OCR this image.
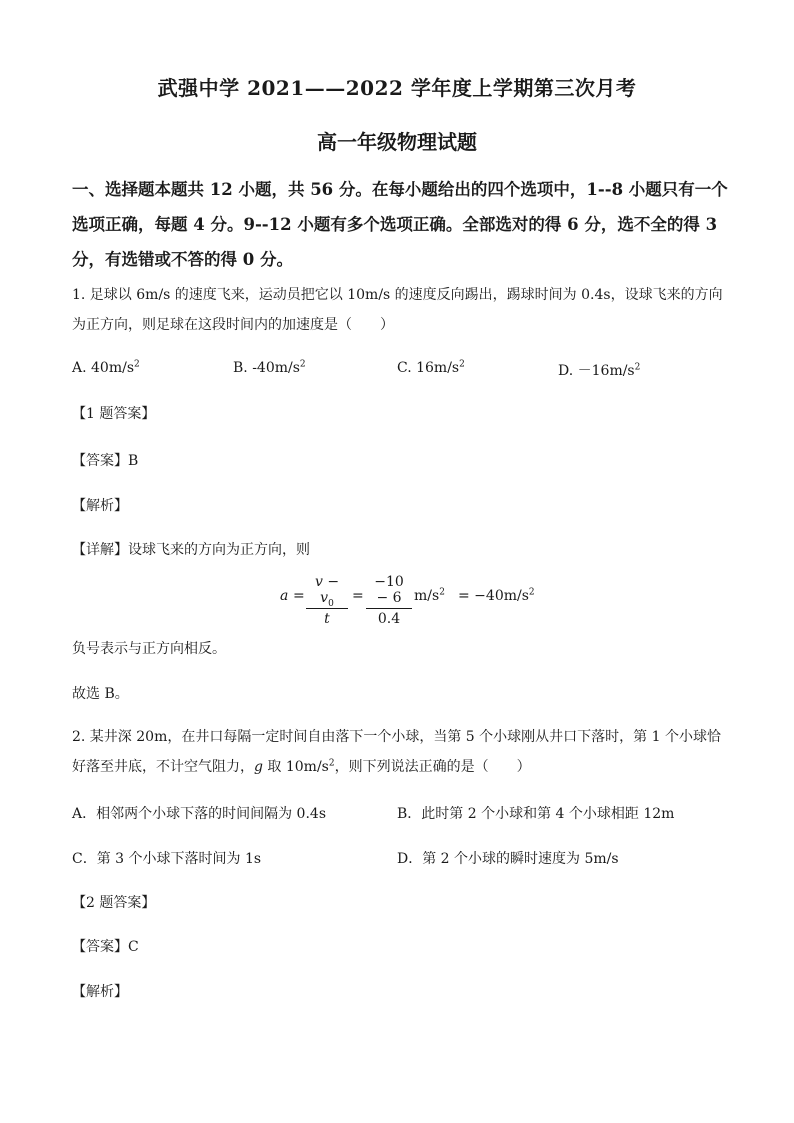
武强中学 2021——2022 学年度上学期第三次月考
高一年级物理试题
一、选择题本题共 12 小题，共 56 分。在每小题给出的四个选项中，1--8 小题只有一个选项正确，每题 4 分。9--12 小题有多个选项正确。全部选对的得 6 分，选不全的得 3 分，有选错或不答的得 0 分。
1. 足球以 6m/s 的速度飞来，运动员把它以 10m/s 的速度反向踢出，踢球时间为 0.4s，设球飞来的方向为正方向，则足球在这段时间内的加速度是（　　）
A. $40m/s^2$	B. $-40m/s^2$	C. $16m/s^2$	D. $-16m/s^2$
【1 题答案】
【答案】B
【解析】
【详解】设球飞来的方向为正方向，则
a =
$v - v_0$
t
=
−10 − 6
0.4
$m/s^2 = -40m/s^2$
负号表示与正方向相反。
故选 B。
2. 某井深 20m，在井口每隔一定时间自由落下一个小球，当第 5 个小球刚从井口下落时，第 1 个小球恰好落至井底，不计空气阻力，g 取 $10m/s^2$，则下列说法正确的是（　　）
A．相邻两个小球下落的时间间隔为 0.4s	B．此时第 2 个小球和第 4 个小球相距 12m
C．第 3 个小球下落时间为 1s	D．第 2 个小球的瞬时速度为 5m/s
【2 题答案】
【答案】C
【解析】
